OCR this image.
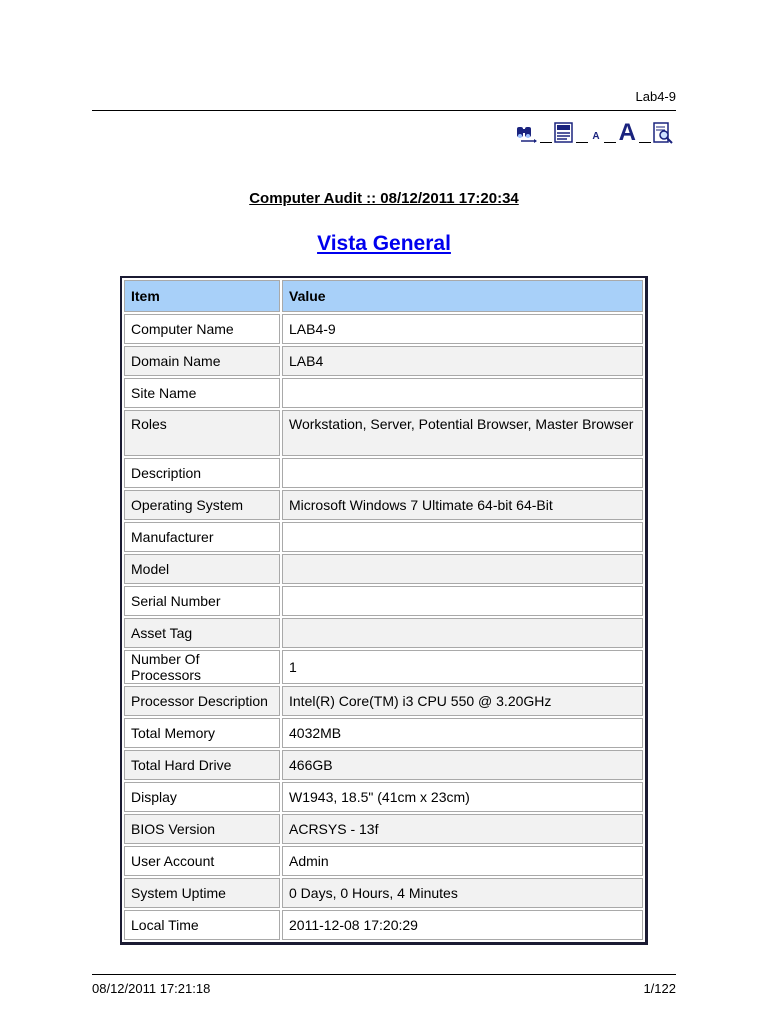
Lab4-9
A A
Computer Audit :: 08/12/2011 17:20:34
Vista General
Item	Value
Computer Name	LAB4-9
Domain Name	LAB4
Site Name	
Roles	Workstation, Server, Potential Browser, Master Browser
Description	
Operating System	Microsoft Windows 7 Ultimate 64-bit 64-Bit
Manufacturer	
Model	
Serial Number	
Asset Tag	
Number Of Processors	1
Processor Description	Intel(R) Core(TM) i3 CPU 550 @ 3.20GHz
Total Memory	4032MB
Total Hard Drive	466GB
Display	W1943, 18.5" (41cm x 23cm)
BIOS Version	ACRSYS - 13f
User Account	Admin
System Uptime	0 Days, 0 Hours, 4 Minutes
Local Time	2011-12-08 17:20:29
08/12/2011 17:21:18	1/122
